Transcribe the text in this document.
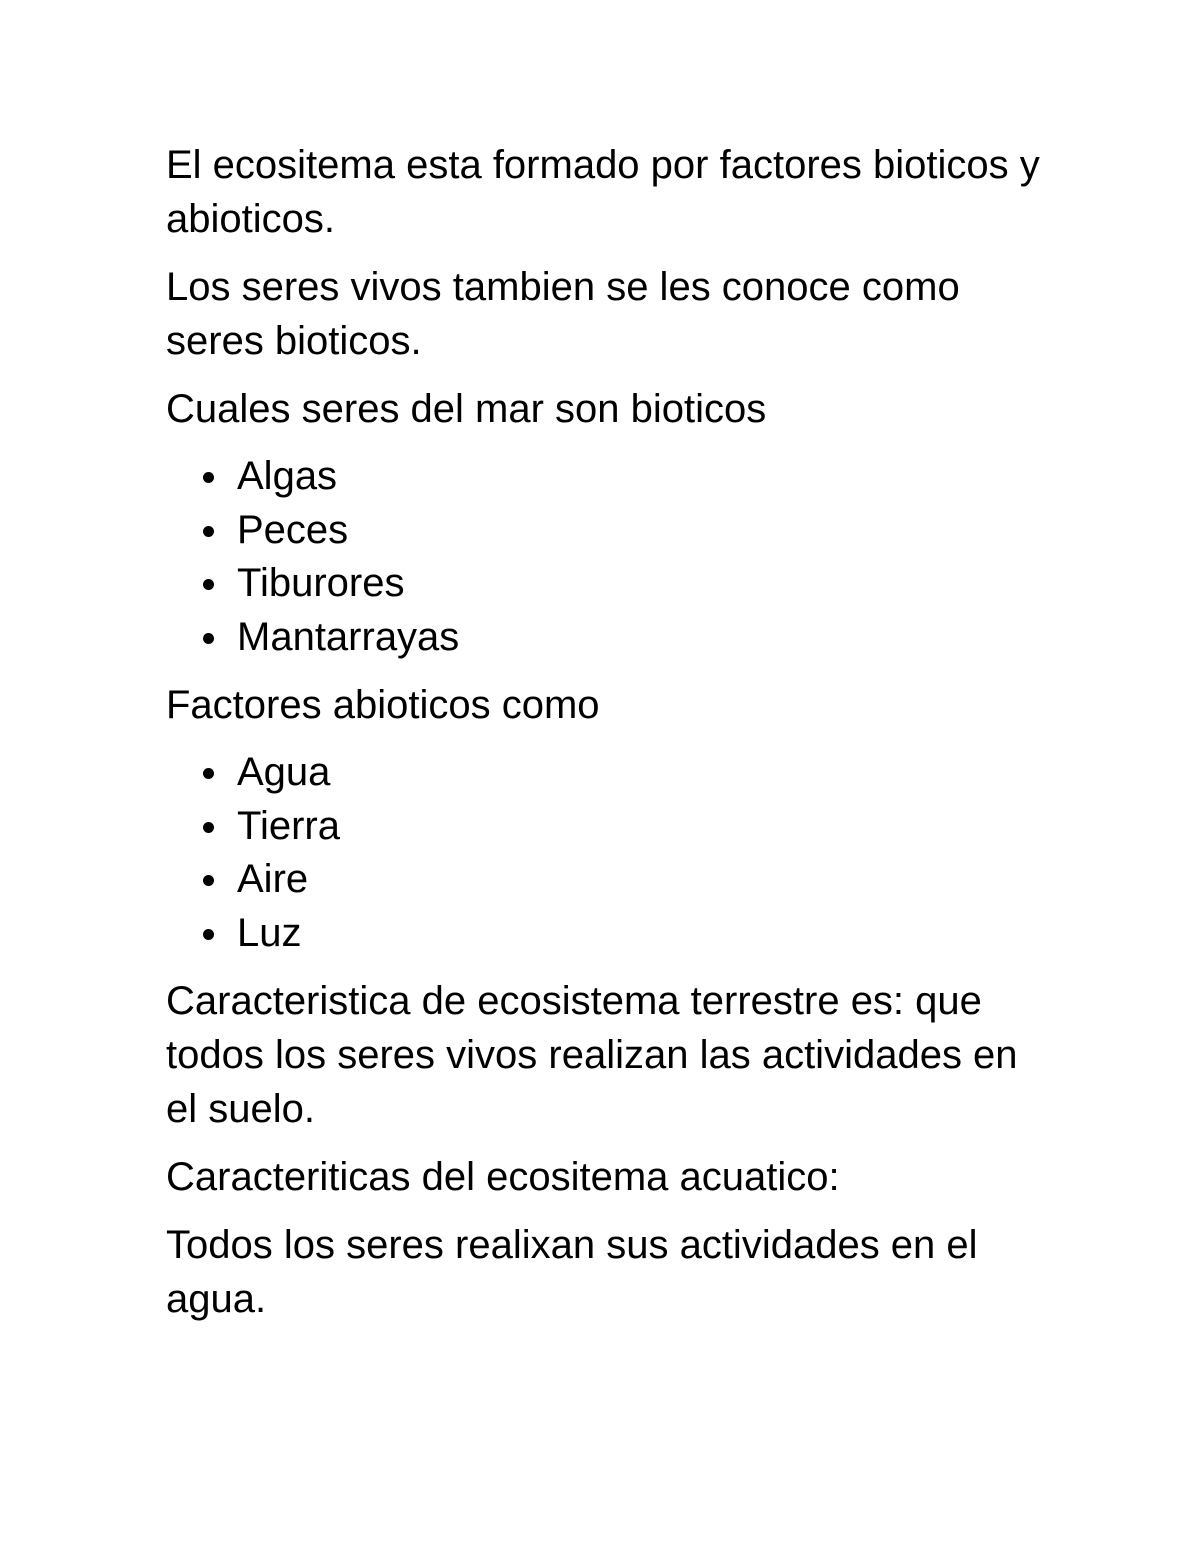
El ecositema esta formado por factores bioticos y abioticos.

Los seres vivos tambien se les conoce como seres bioticos.

Cuales seres del mar son bioticos

Algas
Peces
Tiburores
Mantarrayas

Factores abioticos como

Agua
Tierra
Aire
Luz

Caracteristica de ecosistema terrestre es: que todos los seres vivos realizan las actividades en el suelo.

Caracteriticas del ecositema acuatico:

Todos los seres realixan sus actividades en el agua.
